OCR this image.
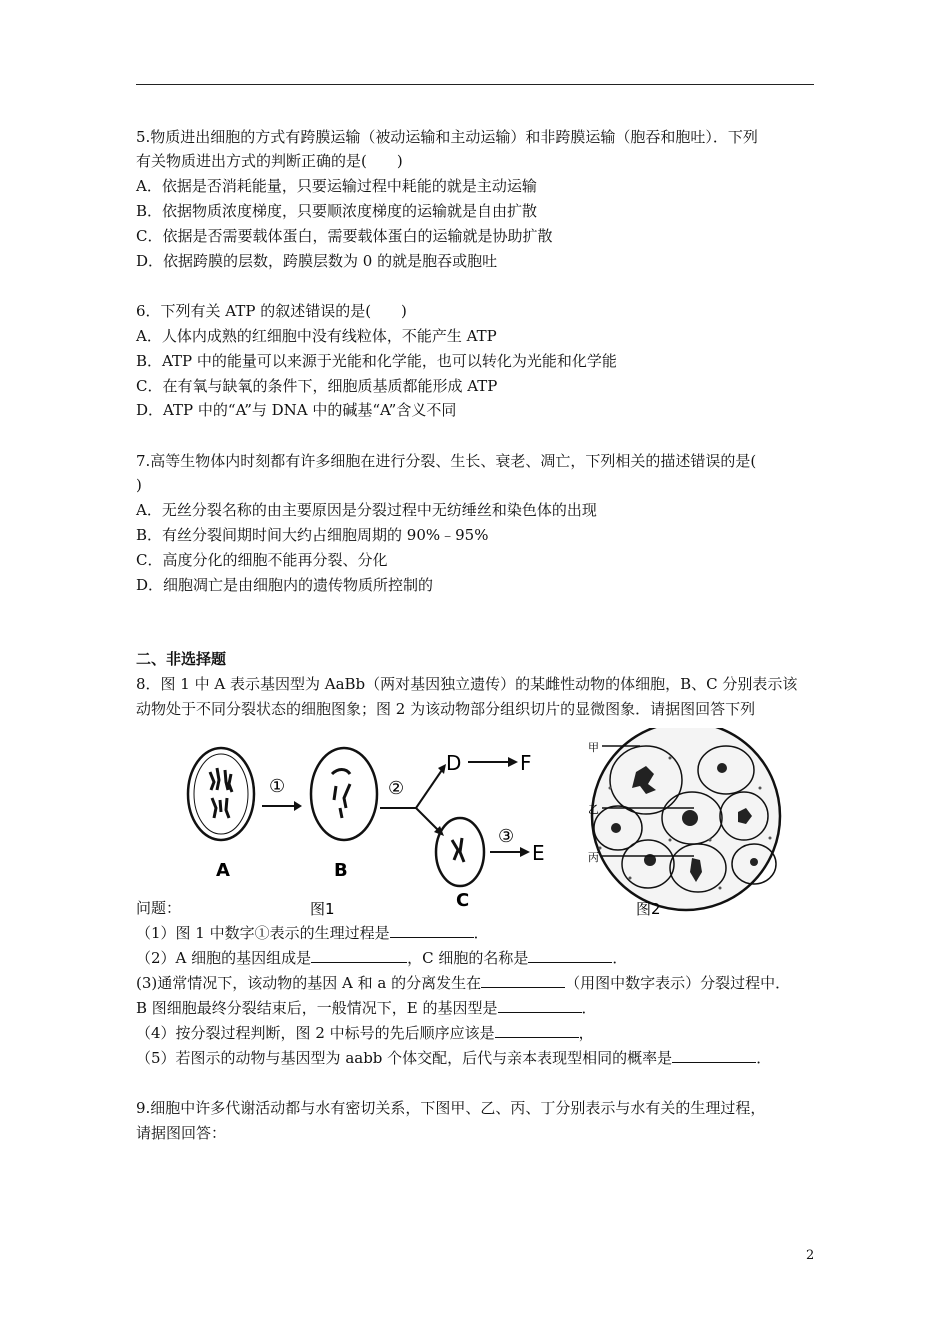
5.物质进出细胞的方式有跨膜运输（被动运输和主动运输）和非跨膜运输（胞吞和胞吐）．下列
有关物质进出方式的判断正确的是(　　)
A．依据是否消耗能量，只要运输过程中耗能的就是主动运输
B．依据物质浓度梯度，只要顺浓度梯度的运输就是自由扩散
C．依据是否需要载体蛋白，需要载体蛋白的运输就是协助扩散
D．依据跨膜的层数，跨膜层数为 0 的就是胞吞或胞吐
6．下列有关 ATP 的叙述错误的是(　　)
A．人体内成熟的红细胞中没有线粒体，不能产生 ATP
B．ATP 中的能量可以来源于光能和化学能，也可以转化为光能和化学能
C．在有氧与缺氧的条件下，细胞质基质都能形成 ATP
D．ATP 中的“A”与 DNA 中的碱基“A”含义不同
7.高等生物体内时刻都有许多细胞在进行分裂、生长、衰老、凋亡，下列相关的描述错误的是(
)
A．无丝分裂名称的由主要原因是分裂过程中无纺缍丝和染色体的出现
B．有丝分裂间期时间大约占细胞周期的 90%﹣95%
C．高度分化的细胞不能再分裂、分化
D．细胞凋亡是由细胞内的遗传物质所控制的
二、非选择题
8．图 1 中 A 表示基因型为 AaBb（两对基因独立遗传）的某雌性动物的体细胞，B、C 分别表示该
动物处于不同分裂状态的细胞图象；图 2 为该动物部分组织切片的显微图象．请据图回答下列
A
①
B
②
D	F
C
③
E
图1
甲
乙
丙
图2
问题：
（1）图 1 中数字①表示的生理过程是	．
（2）A 细胞的基因组成是	，C 细胞的名称是	．
(3)通常情况下，该动物的基因 A 和 a 的分离发生在	（用图中数字表示）分裂过程中．
B 图细胞最终分裂结束后，一般情况下，E 的基因型是	．
（4）按分裂过程判断，图 2 中标号的先后顺序应该是	，
（5）若图示的动物与基因型为 aabb 个体交配，后代与亲本表现型相同的概率是	．
9.细胞中许多代谢活动都与水有密切关系，下图甲、乙、丙、丁分别表示与水有关的生理过程，
请据图回答：
2
